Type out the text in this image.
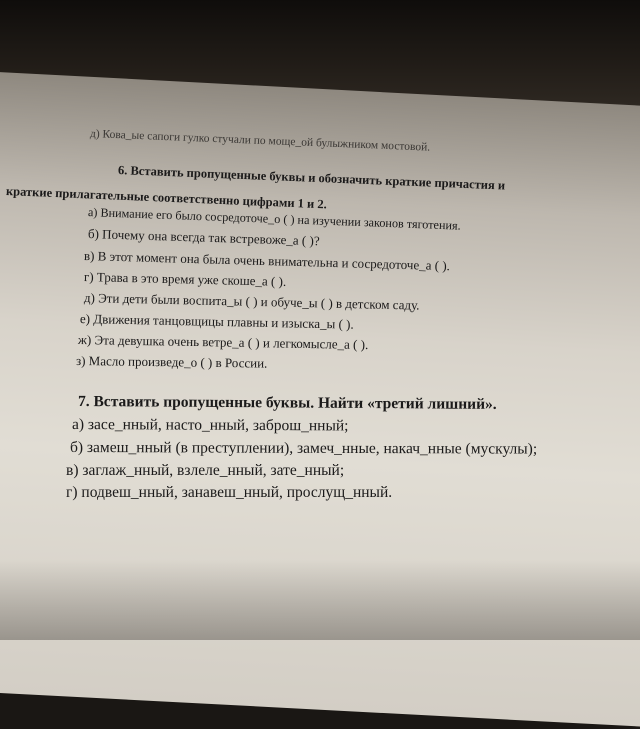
д) Кова_ые сапоги гулко стучали по моще_ой булыжником мостовой.
6. Вставить пропущенные буквы и обозначить краткие причастия и
краткие прилагательные соответственно цифрами 1 и 2.
а) Внимание его было сосредоточе_о ( ) на изучении законов тяготения.
б) Почему она всегда так встревоже_а ( )?
в) В этот момент она была очень внимательна и сосредоточе_а ( ).
г) Трава в это время уже скоше_а ( ).
д) Эти дети были воспита_ы ( ) и обуче_ы ( ) в детском саду.
е) Движения танцовщицы плавны и изыска_ы ( ).
ж) Эта девушка очень ветре_а ( ) и легкомысле_а ( ).
з) Масло произведе_о ( ) в России.
7. Вставить пропущенные буквы. Найти «третий лишний».
а) засе_нный, насто_нный, заброш_нный;
б) замеш_нный (в преступлении), замеч_нные, накач_нные (мускулы);
в) заглаж_нный, взлеле_нный, зате_нный;
г) подвеш_нный, занавеш_нный, прослущ_нный.
